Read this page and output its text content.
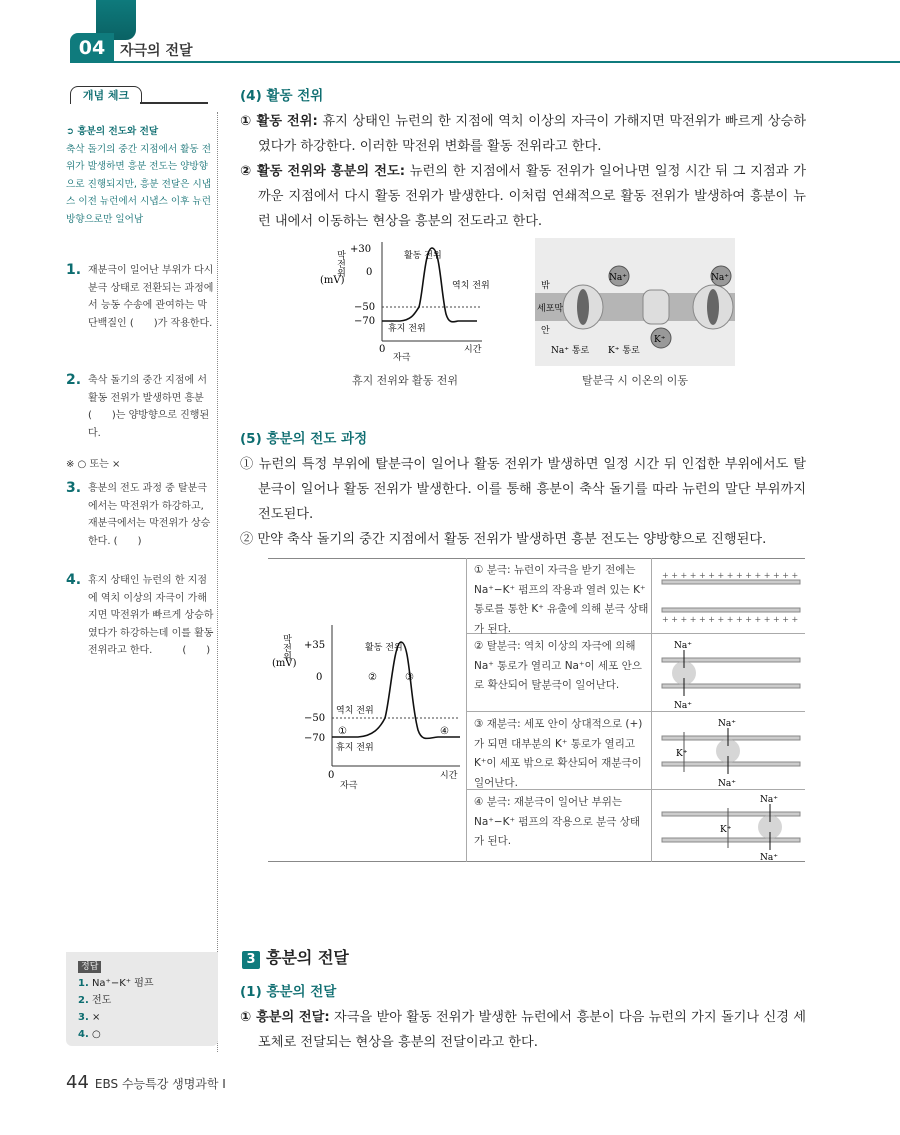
04	자극의 전달
개념 체크
➲ 흥분의 전도와 전달
축삭 돌기의 중간 지점에서 활동 전위가 발생하면 흥분 전도는 양방향으로 진행되지만, 흥분 전달은 시냅스 이전 뉴런에서 시냅스 이후 뉴런 방향으로만 일어남
1. 재분극이 일어난 부위가 다시 분극 상태로 전환되는 과정에서 능동 수송에 관여하는 막단백질인 (　　)가 작용한다.
2. 축삭 돌기의 중간 지점에 서 활동 전위가 발생하면 흥분 (　　)는 양방향으로 진행된다.
※ ○ 또는 ×
3. 흥분의 전도 과정 중 탈분극에서는 막전위가 하강하고, 재분극에서는 막전위가 상승한다. (　　)
4. 휴지 상태인 뉴런의 한 지점에 역치 이상의 자극이 가해지면 막전위가 빠르게 상승하였다가 하강하는데 이를 활동 전위라고 한다.　　　(　　)
정답
1. Na⁺−K⁺ 펌프
2. 전도
3. ×
4. ○
(4) 활동 전위
① 활동 전위: 휴지 상태인 뉴런의 한 지점에 역치 이상의 자극이 가해지면 막전위가 빠르게 상승하였다가 하강한다. 이러한 막전위 변화를 활동 전위라고 한다.
② 활동 전위와 흥분의 전도: 뉴런의 한 지점에서 활동 전위가 일어나면 일정 시간 뒤 그 지점과 가까운 지점에서 다시 활동 전위가 발생한다. 이처럼 연쇄적으로 활동 전위가 발생하여 흥분이 뉴런 내에서 이동하는 현상을 흥분의 전도라고 한다.
막전위
(mV)
+30
0
−50
−70
0	시간
자극
휴지 전위
활동 전위
역치 전위
휴지 전위와 활동 전위
Na⁺	Na⁺
K⁺
밖
세포막
안
Na⁺ 통로 K⁺ 통로
탈분극 시 이온의 이동
(5) 흥분의 전도 과정
① 뉴런의 특정 부위에 탈분극이 일어나 활동 전위가 발생하면 일정 시간 뒤 인접한 부위에서도 탈분극이 일어나 활동 전위가 발생한다. 이를 통해 흥분이 축삭 돌기를 따라 뉴런의 말단 부위까지 전도된다.
② 만약 축삭 돌기의 중간 지점에서 활동 전위가 발생하면 흥분 전도는 양방향으로 진행된다.
막전위
(mV)
+35
0
−50
−70
0	시간
자극
역치 전위
휴지 전위
활동 전위
①
②	③
④
① 분극: 뉴런이 자극을 받기 전에는 Na⁺−K⁺ 펌프의 작용과 열려 있는 K⁺ 통로를 통한 K⁺ 유출에 의해 분극 상태가 된다.
+ + + + + + + + + + + + + + +
+ + + + + + + + + + + + + + +
② 탈분극: 역치 이상의 자극에 의해 Na⁺ 통로가 열리고 Na⁺이 세포 안으로 확산되어 탈분극이 일어난다.
Na⁺
Na⁺
③ 재분극: 세포 안이 상대적으로 (+)가 되면 대부분의 K⁺ 통로가 열리고 K⁺이 세포 밖으로 확산되어 재분극이 일어난다.
Na⁺
Na⁺
K⁺
④ 분극: 재분극이 일어난 부위는 Na⁺−K⁺ 펌프의 작용으로 분극 상태가 된다.
Na⁺
Na⁺
K⁺
3 흥분의 전달
(1) 흥분의 전달
① 흥분의 전달: 자극을 받아 활동 전위가 발생한 뉴런에서 흥분이 다음 뉴런의 가지 돌기나 신경 세포체로 전달되는 현상을 흥분의 전달이라고 한다.
44 EBS 수능특강 생명과학 Ⅰ
